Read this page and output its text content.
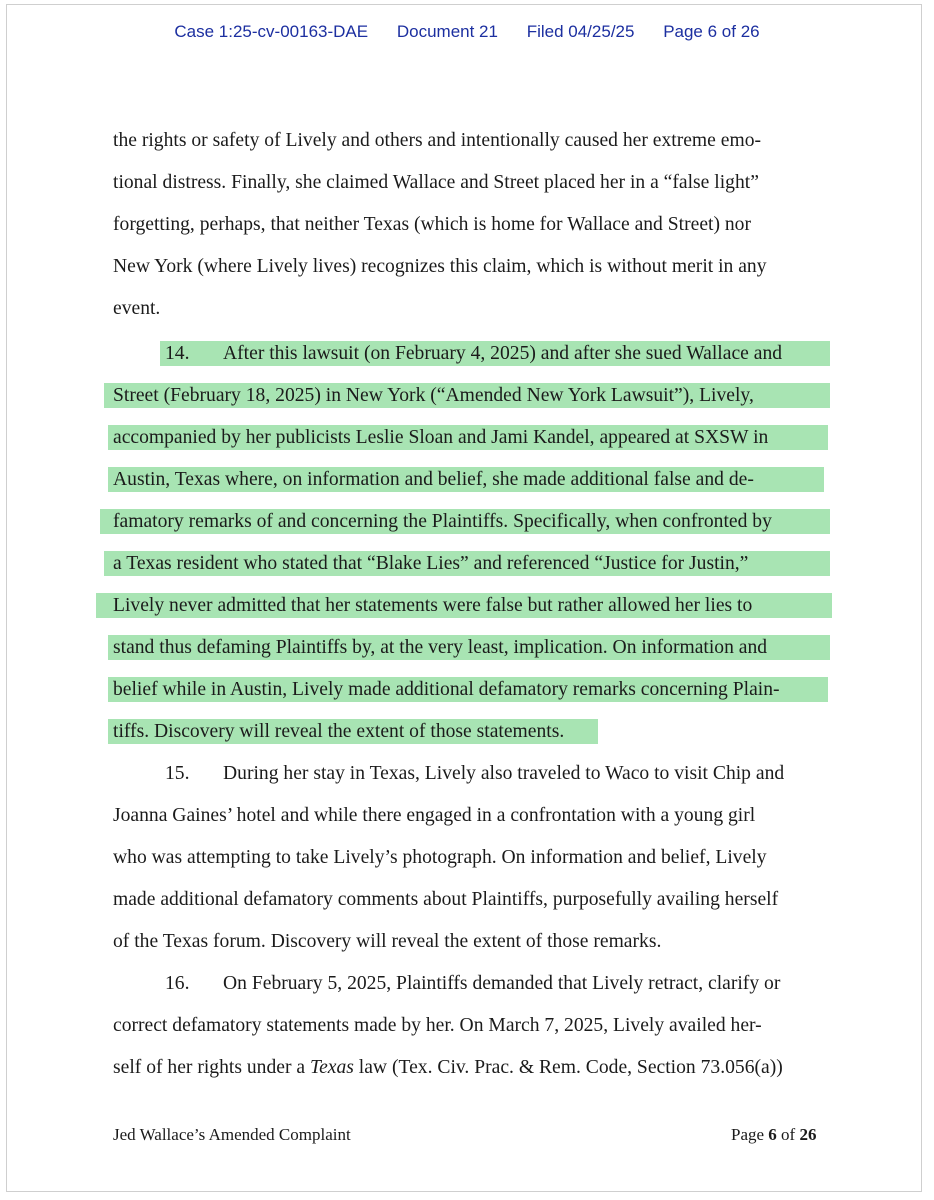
Case 1:25-cv-00163-DAE Document 21 Filed 04/25/25 Page 6 of 26
the rights or safety of Lively and others and intentionally caused her extreme emo-
tional distress. Finally, she claimed Wallace and Street placed her in a “false light”
forgetting, perhaps, that neither Texas (which is home for Wallace and Street) nor
New York (where Lively lives) recognizes this claim, which is without merit in any
event.
14. After this lawsuit (on February 4, 2025) and after she sued Wallace and
Street (February 18, 2025) in New York (“Amended New York Lawsuit”), Lively,
accompanied by her publicists Leslie Sloan and Jami Kandel, appeared at SXSW in
Austin, Texas where, on information and belief, she made additional false and de-
famatory remarks of and concerning the Plaintiffs. Specifically, when confronted by
a Texas resident who stated that “Blake Lies” and referenced “Justice for Justin,”
Lively never admitted that her statements were false but rather allowed her lies to
stand thus defaming Plaintiffs by, at the very least, implication. On information and
belief while in Austin, Lively made additional defamatory remarks concerning Plain-
tiffs. Discovery will reveal the extent of those statements.
15. During her stay in Texas, Lively also traveled to Waco to visit Chip and
Joanna Gaines’ hotel and while there engaged in a confrontation with a young girl
who was attempting to take Lively’s photograph. On information and belief, Lively
made additional defamatory comments about Plaintiffs, purposefully availing herself
of the Texas forum. Discovery will reveal the extent of those remarks.
16. On February 5, 2025, Plaintiffs demanded that Lively retract, clarify or
correct defamatory statements made by her. On March 7, 2025, Lively availed her-
self of her rights under a Texas law (Tex. Civ. Prac. & Rem. Code, Section 73.056(a))
Jed Wallace’s Amended Complaint	Page 6 of 26
